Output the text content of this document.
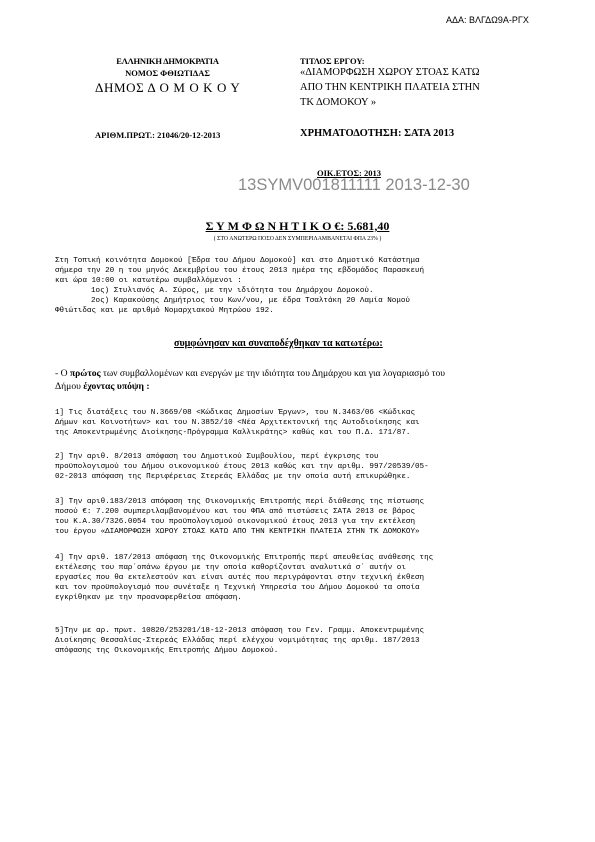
ΑΔΑ: ΒΛΓΔΩ9Α-ΡΓΧ
ΕΛΛΗΝΙΚΗ ΔΗΜΟΚΡΑΤΙΑ
ΝΟΜΟΣ ΦΘΙΩΤΙΔΑΣ
ΔΗΜΟΣ Δ Ο Μ Ο Κ Ο Υ
ΤΙΤΛΟΣ ΕΡΓΟΥ:
«ΔΙΑΜΟΡΦΩΣΗ ΧΩΡΟΥ ΣΤΟΑΣ ΚΑΤΩ
ΑΠΟ ΤΗΝ ΚΕΝΤΡΙΚΗ ΠΛΑΤΕΙΑ ΣΤΗΝ
ΤΚ ΔΟΜΟΚΟΥ »
ΑΡΙΘΜ.ΠΡΩΤ.: 21046/20-12-2013	ΧΡΗΜΑΤΟΔΟΤΗΣΗ: ΣΑΤΑ 2013
ΟΙΚ.ΕΤΟΣ: 2013
13SYMV001811111 2013-12-30
Σ Υ Μ Φ Ω Ν Η Τ Ι Κ Ο €: 5.681,40
( ΣΤΟ ΑΝΩΤΕΡΩ ΠΟΣΟ ΔΕΝ ΣΥΜΠΕΡΙΛΑΜΒΑΝΕΤΑΙ ΦΠΑ 23% )
Στη Τοπική κοινότητα Δομοκού [Έδρα του Δήμου Δομοκού] και στο Δημοτικό Κατάστημα
σήμερα την 20 η του μηνός Δεκεμβρίου του έτους 2013 ημέρα της εβδομάδος Παρασκευή
και ώρα 10:00 οι κατωτέρω συμβαλλόμενοι :
1ος) Στυλιανός Α. Σύρος, με την ιδιότητα του Δημάρχου Δομοκού.
2ος) Καρακούσης Δημήτριος του Κων/νου, με έδρα Τσαλτάκη 20 Λαμία Νομού
Φθιώτιδας και με αριθμό Νομαρχιακού Μητρώου 192.
συμφώνησαν και συναποδέχθηκαν τα κατωτέρω:
- Ο πρώτος των συμβαλλομένων και ενεργών με την ιδιότητα του Δημάρχου και για λογαριασμό του
Δήμου έχοντας υπόψη :
1] Τις διατάξεις του Ν.3669/08 <Κώδικας Δημοσίων Έργων>, του Ν.3463/06 <Κώδικας
Δήμων και Κοινοτήτων> και του Ν.3852/10 <Νέα Αρχιτεκτονική της Αυτοδιοίκησης και
της Αποκεντρωμένης Διοίκησης-Πρόγραμμα Καλλικράτης> καθώς και του Π.Δ. 171/87.
2] Την αριθ. 8/2013 απόφαση του Δημοτικού Συμβουλίου, περί έγκρισης του
προϋπολογισμού του Δήμου οικονομικού έτους 2013 καθώς και την αριθμ. 997/20539/05-
02-2013 απόφαση της Περιφέρειας Στερεάς Ελλάδας με την οποία αυτή επικυρώθηκε.
3] Την αριθ.183/2013 απόφαση της Οικονομικής Επιτροπής περί διάθεσης της πίστωσης
ποσού €: 7.200 συμπεριλαμβανομένου και του ΦΠΑ από πιστώσεις ΣΑΤΑ 2013 σε βάρος
του Κ.Α.30/7326.0054 του προϋπολογισμού οικονομικού έτους 2013 για την εκτέλεση
του έργου «ΔΙΑΜΟΡΦΩΣΗ ΧΩΡΟΥ ΣΤΟΑΣ ΚΑΤΩ ΑΠΟ ΤΗΝ ΚΕΝΤΡΙΚΗ ΠΛΑΤΕΙΑ ΣΤΗΝ ΤΚ ΔΟΜΟΚΟΥ»
4] Την αριθ. 187/2013 απόφαση της Οικονομικής Επιτροπής περί απευθείας ανάθεσης της
εκτέλεσης του παρ΄οπάνω έργου με την οποία καθορίζονται αναλυτικά σ΄ αυτήν οι
εργασίες που θα εκτελεστούν και είναι αυτές που περιγράφονται στην τεχνική έκθεση
και τον προϋπολογισμό που συνέταξε η Τεχνική Υπηρεσία του Δήμου Δομοκού τα οποία
εγκρίθηκαν με την προαναφερθείσα απόφαση.
5]Την με αρ. πρωτ. 10820/253201/18-12-2013 απόφαση του Γεν. Γραμμ. Αποκεντρωμένης
Διοίκησης Θεσσαλίας-Στερεάς Ελλάδας περί ελέγχου νομιμότητας της αριθμ. 187/2013
απόφασης της Οικονομικής Επιτροπής Δήμου Δομοκού.
